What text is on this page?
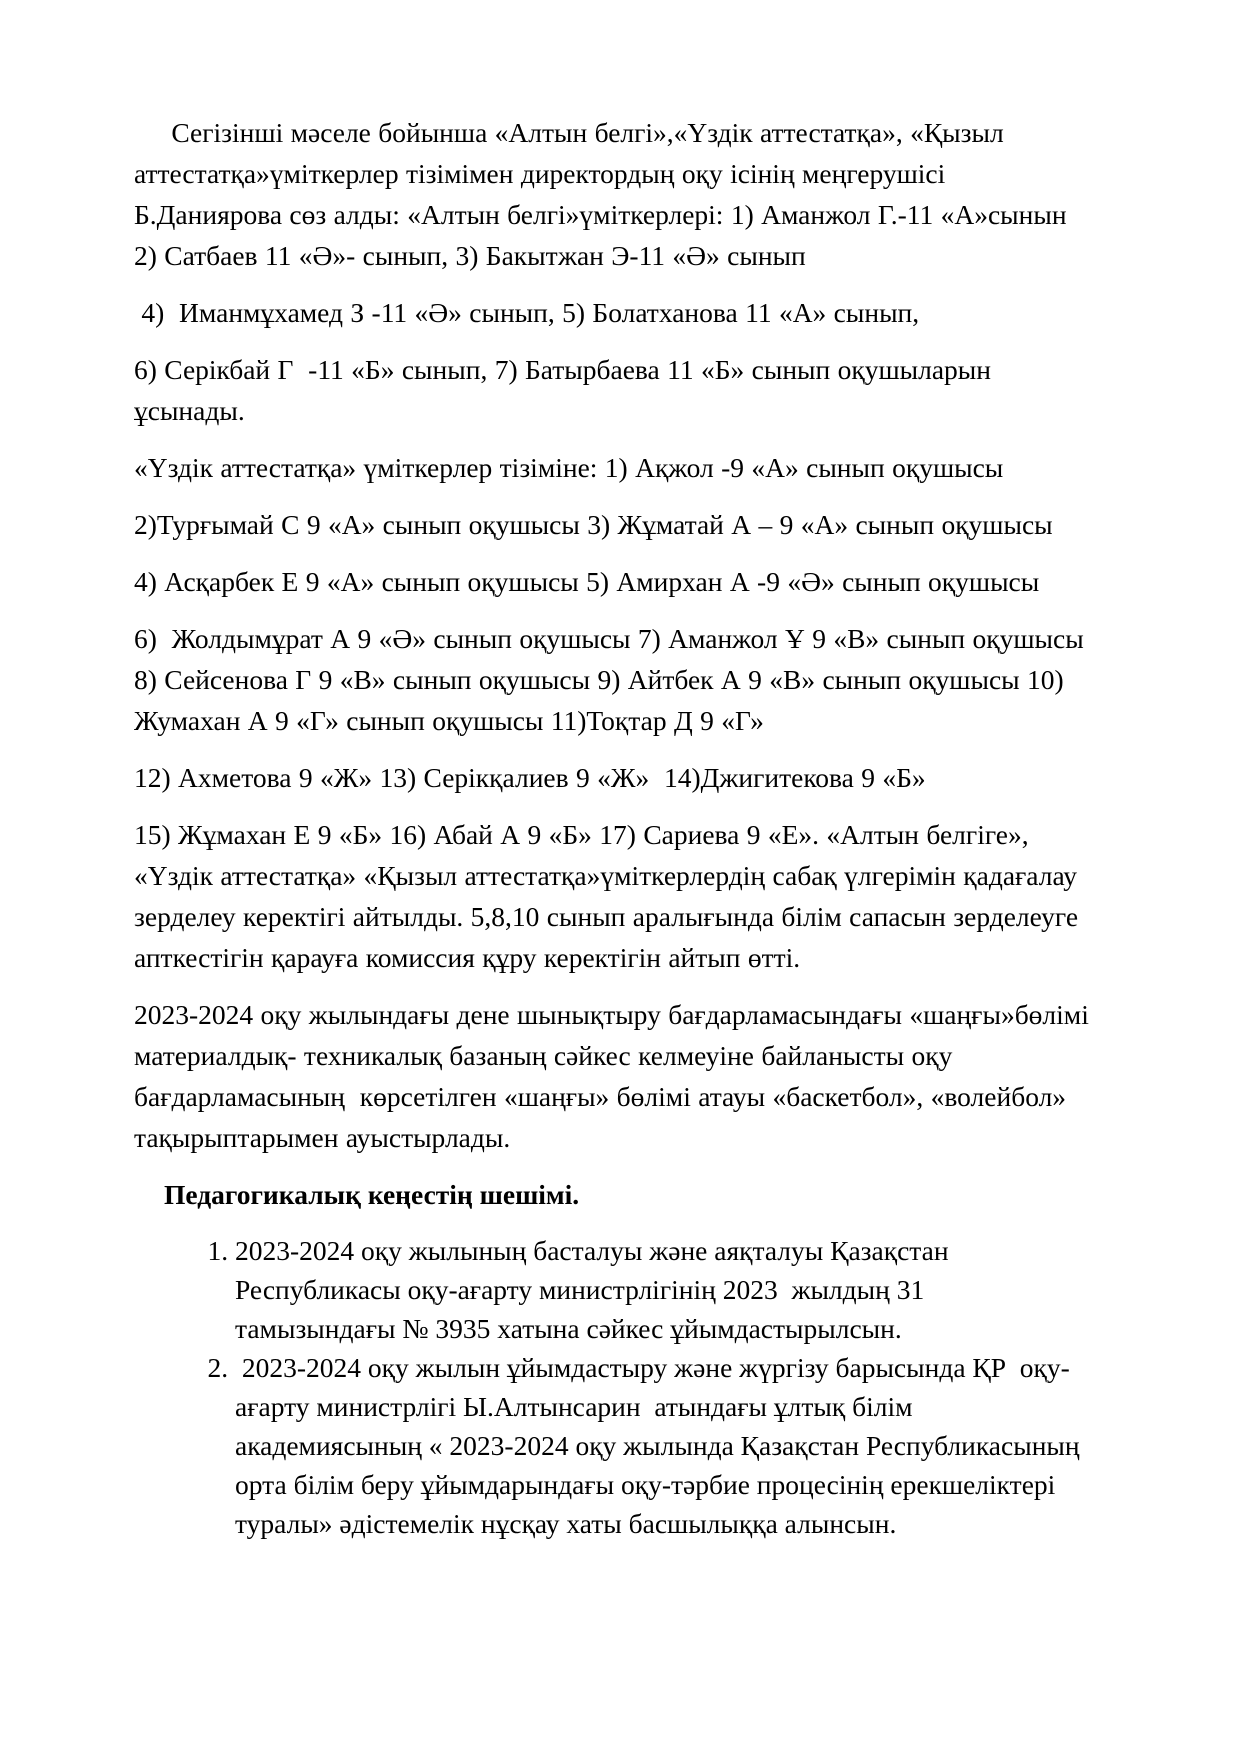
Сегізінші мәселе бойынша «Алтын белгі»,«Үздік аттестатқа», «Қызыл аттестатқа»үміткерлер тізімімен директордың оқу ісінің меңгерушісі Б.Даниярова сөз алды: «Алтын белгі»үміткерлері: 1) Аманжол Г.-11 «А»сынын 2) Сатбаев 11 «Ә»- сынып, 3) Бакытжан Э-11 «Ә» сынып

4)  Иманмұхамед З -11 «Ә» сынып, 5) Болатханова 11 «А» сынып,

6) Серікбай Г  -11 «Б» сынып, 7) Батырбаева 11 «Б» сынып оқушыларын ұсынады.

«Үздік аттестатқа» үміткерлер тізіміне: 1) Ақжол -9 «А» сынып оқушысы

2)Турғымай С 9 «А» сынып оқушысы 3) Жұматай А – 9 «А» сынып оқушысы

4) Асқарбек Е 9 «А» сынып оқушысы 5) Амирхан А -9 «Ә» сынып оқушысы

6)  Жолдымұрат А 9 «Ә» сынып оқушысы 7) Аманжол Ұ 9 «В» сынып оқушысы 8) Сейсенова Г 9 «В» сынып оқушысы 9) Айтбек А 9 «В» сынып оқушысы 10) Жумахан А 9 «Г» сынып оқушысы 11)Тоқтар Д 9 «Г»

12) Ахметова 9 «Ж» 13) Серікқалиев 9 «Ж»  14)Джигитекова 9 «Б»

15) Жұмахан Е 9 «Б» 16) Абай А 9 «Б» 17) Сариева 9 «Е». «Алтын белгіге», «Үздік аттестатқа» «Қызыл аттестатқа»үміткерлердің сабақ үлгерімін қадағалау зерделеу керектігі айтылды. 5,8,10 сынып аралығында білім сапасын зерделеуге апткестігін қарауға комиссия құру керектігін айтып өтті.

2023-2024 оқу жылындағы дене шынықтыру бағдарламасындағы «шаңғы»бөлімі материалдық- техникалық базаның сәйкес келмеуіне байланысты оқу бағдарламасының  көрсетілген «шаңғы» бөлімі атауы «баскетбол», «волейбол» тақырыптарымен ауыстырлады.

Педагогикалық кеңестің шешімі.

1. 2023-2024 оқу жылының басталуы және аяқталуы Қазақстан Республикасы оқу-ағарту министрлігінің 2023  жылдың 31 тамызындағы № 3935 хатына сәйкес ұйымдастырылсын.
2.  2023-2024 оқу жылын ұйымдастыру және жүргізу барысында ҚР  оқу-ағарту министрлігі Ы.Алтынсарин  атындағы ұлтық білім академиясының « 2023-2024 оқу жылында Қазақстан Республикасының орта білім беру ұйымдарындағы оқу-тәрбие процесінің ерекшеліктері туралы» әдістемелік нұсқау хаты басшылыққа алынсын.
